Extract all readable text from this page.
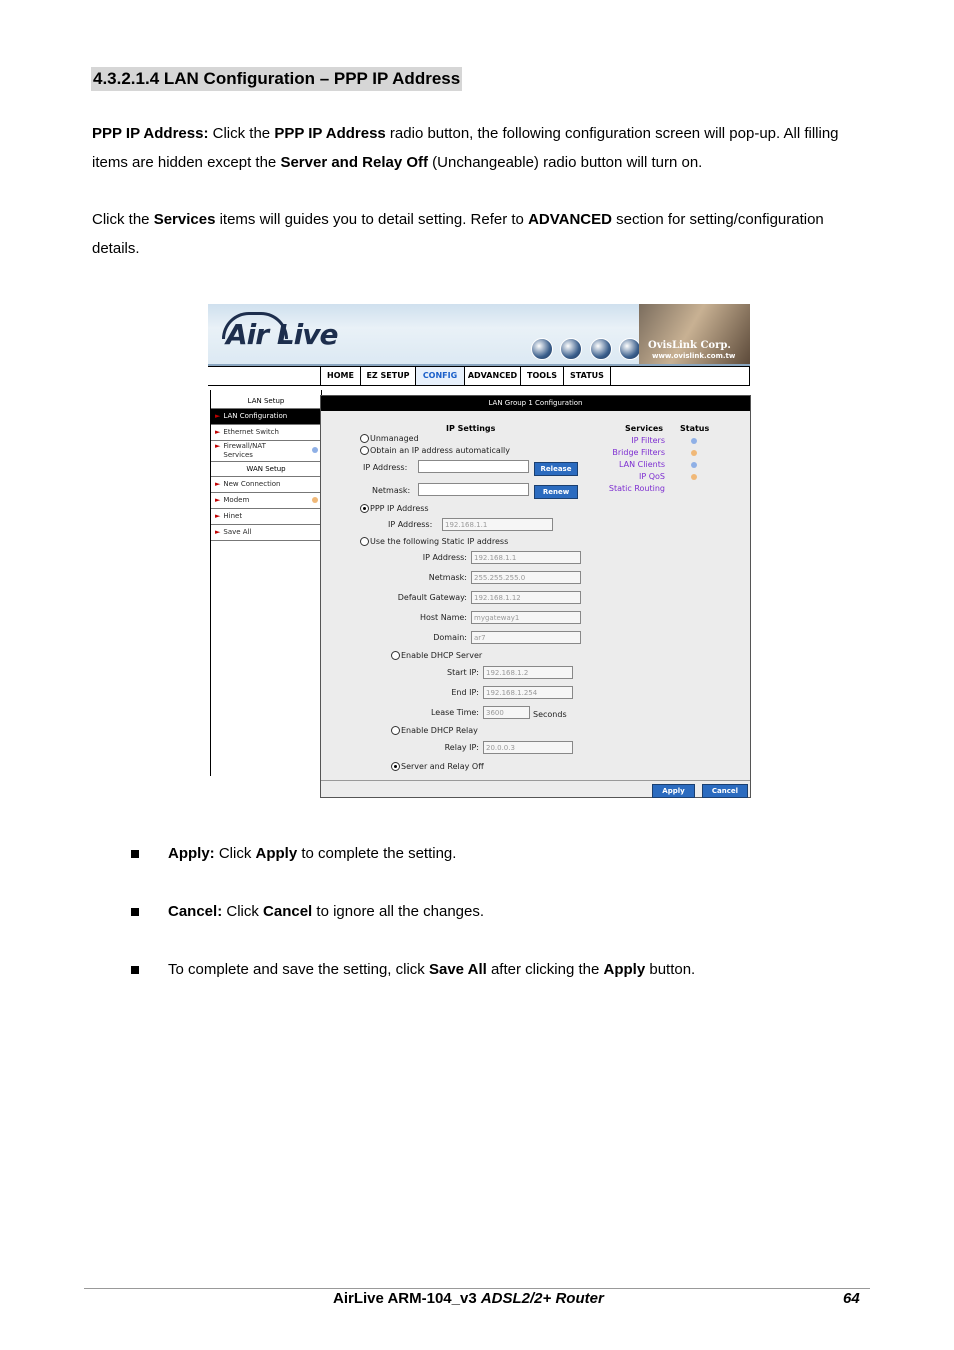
4.3.2.1.4 LAN Configuration – PPP IP Address
PPP IP Address: Click the PPP IP Address radio button, the following configuration screen will pop-up. All filling items are hidden except the Server and Relay Off (Unchangeable) radio button will turn on.
Click the Services items will guides you to detail setting. Refer to ADVANCED section for setting/configuration details.
Air Live	OvisLink Corp.
www.ovislink.com.tw
HOME	EZ SETUP	CONFIG	ADVANCED	TOOLS	STATUS
LAN Setup
► LAN Configuration
► Ethernet Switch
► Firewall/NAT Services
WAN Setup
► New Connection
► Modem
► Hinet
► Save All
LAN Group 1 Configuration
IP Settings
Unmanaged
Obtain an IP address automatically
IP Address:	Release
Netmask:	Renew
PPP IP Address
IP Address:	192.168.1.1
Use the following Static IP address
IP Address:	192.168.1.1
Netmask:	255.255.255.0
Default Gateway:	192.168.1.12
Host Name:	mygateway1
Domain:	ar7
Enable DHCP Server
Start IP:	192.168.1.2
End IP:	192.168.1.254
Lease Time:	3600	Seconds
Enable DHCP Relay
Relay IP:	20.0.0.3
Server and Relay Off
Services Status
IP Filters
Bridge Filters
LAN Clients
IP QoS
Static Routing
Apply	Cancel
Apply: Click Apply to complete the setting.
Cancel: Click Cancel to ignore all the changes.
To complete and save the setting, click Save All after clicking the Apply button.
AirLive ARM-104_v3 ADSL2/2+ Router	64
